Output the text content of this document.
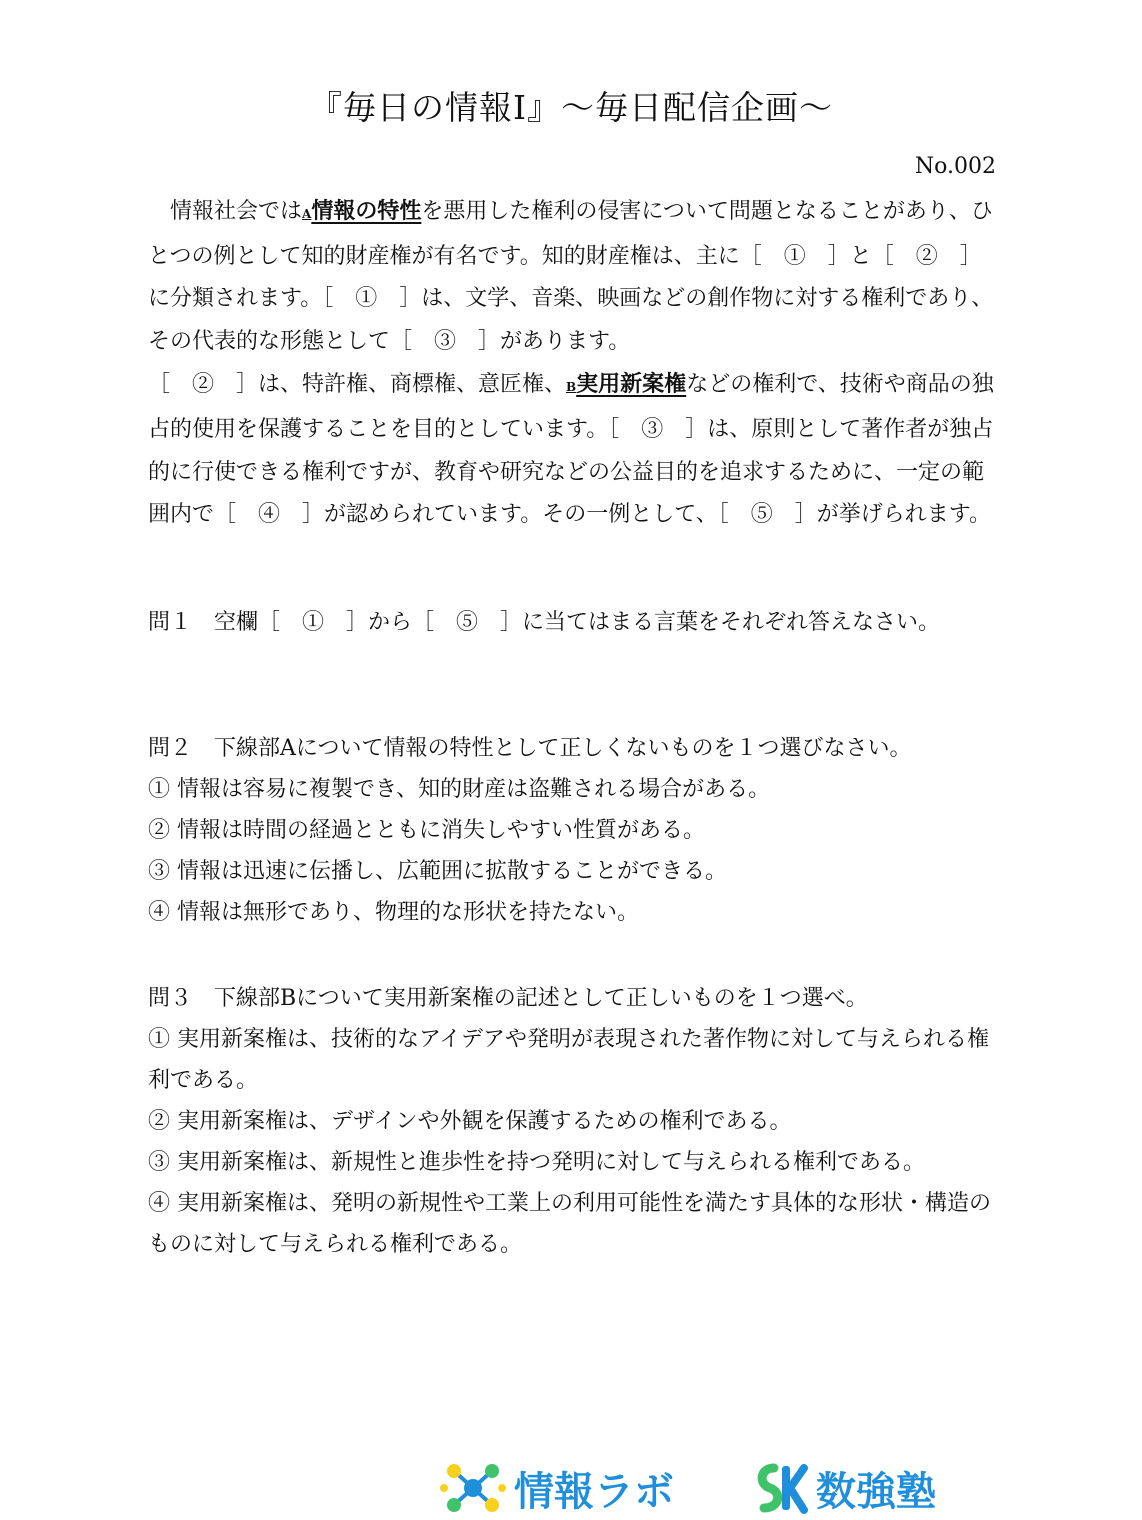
『毎日の情報Ⅰ』〜毎日配信企画〜
No.002

　情報社会ではA情報の特性を悪用した権利の侵害について問題となることがあり、ひとつの例として知的財産権が有名です。知的財産権は、主に［　①　］と［　②　］に分類されます。［　①　］は、文学、音楽、映画などの創作物に対する権利であり、その代表的な形態として［　③　］があります。

［　②　］は、特許権、商標権、意匠権、B実用新案権などの権利で、技術や商品の独占的使用を保護することを目的としています。［　③　］は、原則として著作者が独占的に行使できる権利ですが、教育や研究などの公益目的を追求するために、一定の範囲内で［　④　］が認められています。その一例として、［　⑤　］が挙げられます。

問１　空欄［　①　］から［　⑤　］に当てはまる言葉をそれぞれ答えなさい。

問２　下線部Aについて情報の特性として正しくないものを１つ選びなさい。

① 情報は容易に複製でき、知的財産は盗難される場合がある。

② 情報は時間の経過とともに消失しやすい性質がある。

③ 情報は迅速に伝播し、広範囲に拡散することができる。

④ 情報は無形であり、物理的な形状を持たない。

問３　下線部Bについて実用新案権の記述として正しいものを１つ選べ。

① 実用新案権は、技術的なアイデアや発明が表現された著作物に対して与えられる権利である。

② 実用新案権は、デザインや外観を保護するための権利である。

③ 実用新案権は、新規性と進歩性を持つ発明に対して与えられる権利である。

④ 実用新案権は、発明の新規性や工業上の利用可能性を満たす具体的な形状・構造のものに対して与えられる権利である。

情報ラボ	数強塾
